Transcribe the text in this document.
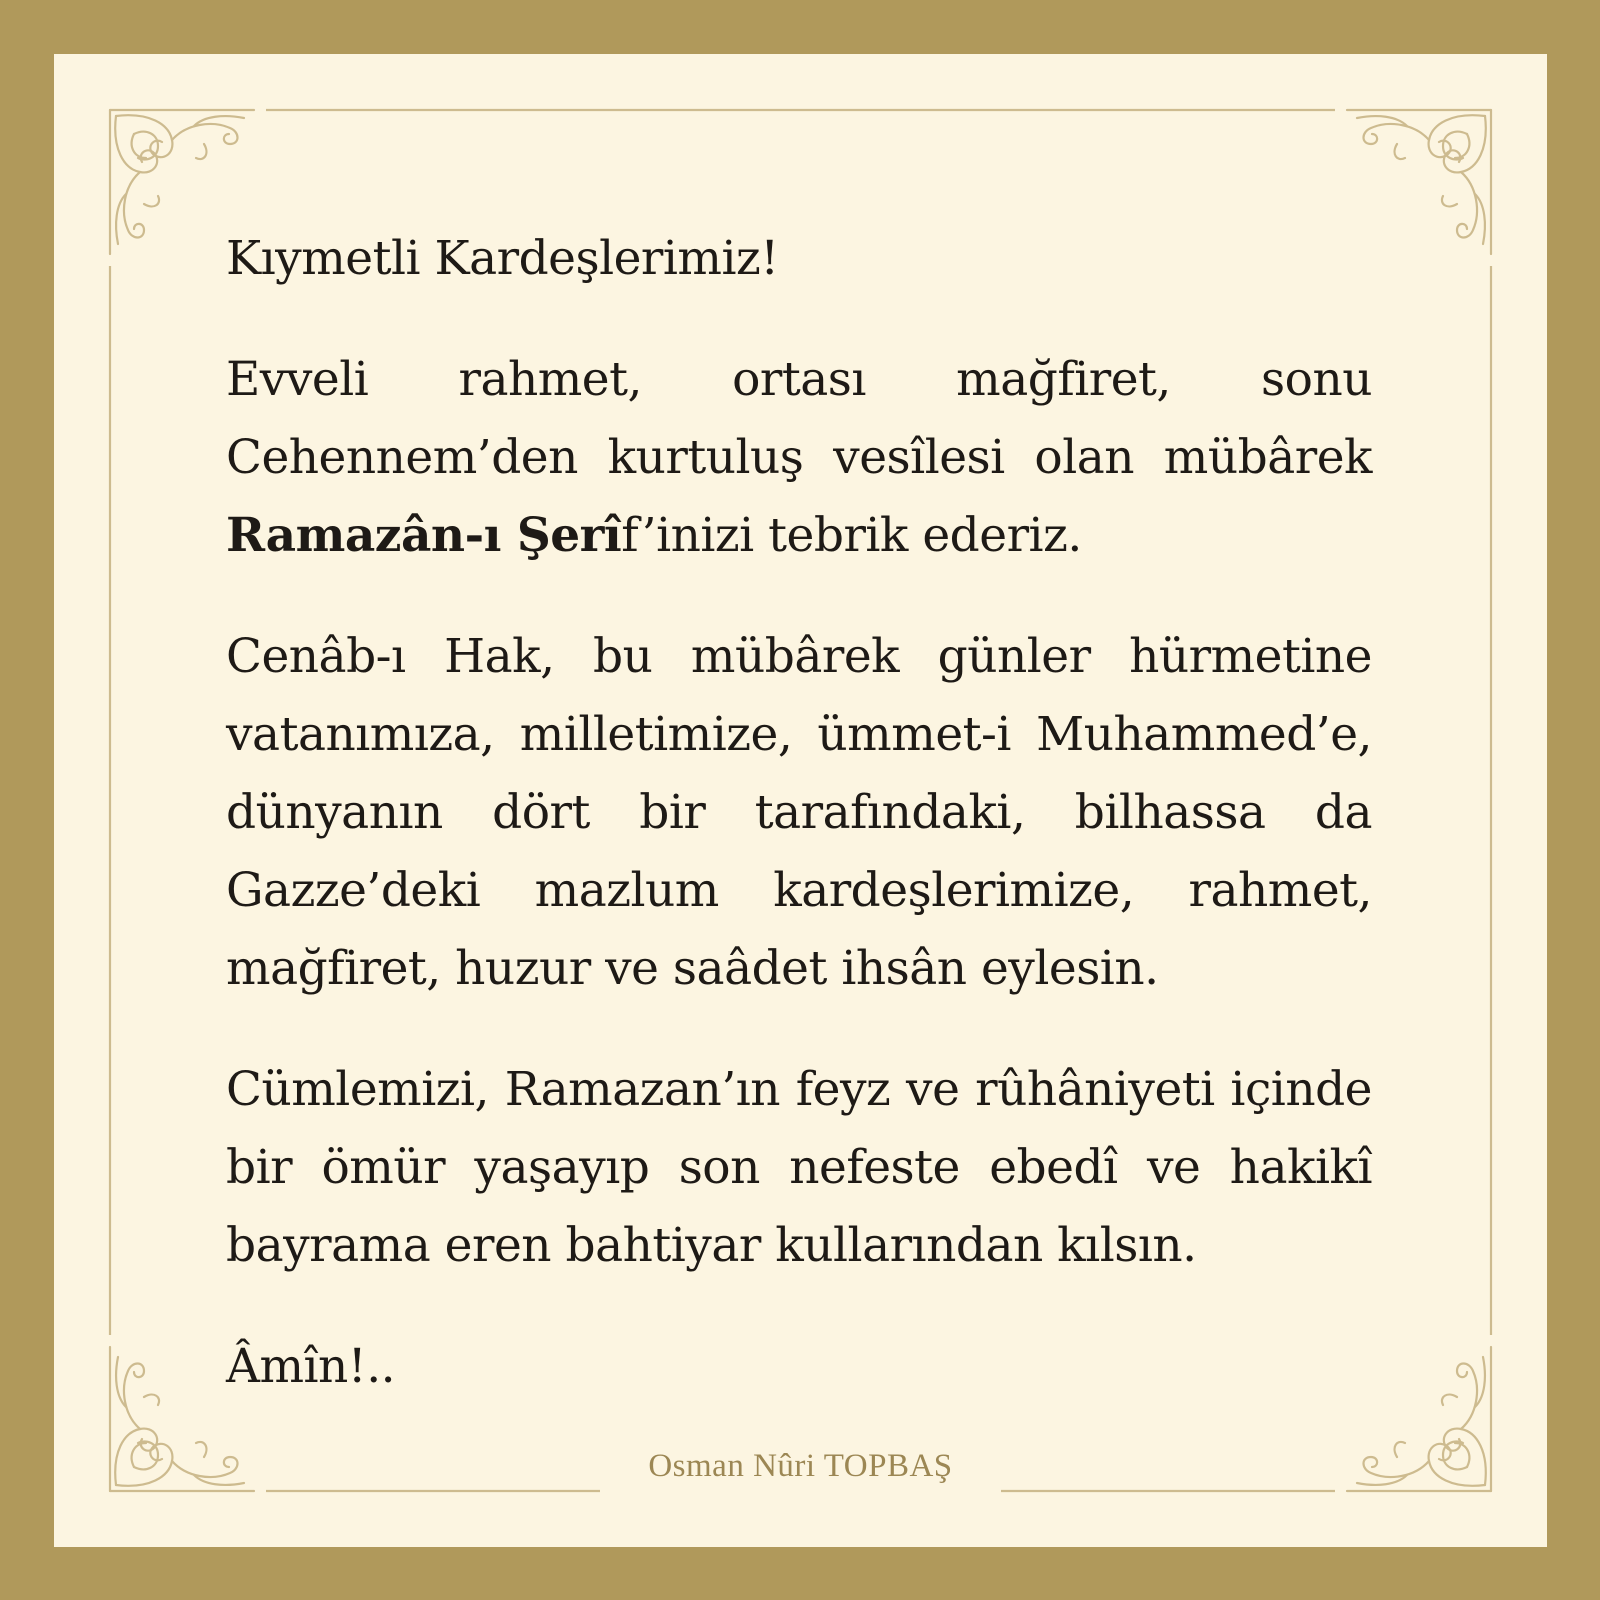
Kıymetli Kardeşlerimiz!

Evveli rahmet, ortası mağfiret, sonu Cehennem’den kurtuluş vesîlesi olan mübârek Ramazân-ı Şerîf’inizi tebrik ederiz.

Cenâb-ı Hak, bu mübârek günler hürmetine vatanımıza, milletimize, ümmet-i Muhammed’e, dünyanın dört bir tarafındaki, bilhassa da Gazze’deki mazlum kardeşlerimize, rahmet, mağfiret, huzur ve saâdet ihsân eylesin.

Cümlemizi, Ramazan’ın feyz ve rûhâniyeti içinde bir ömür yaşayıp son nefeste ebedî ve hakikî bayrama eren bahtiyar kullarından kılsın.

Âmîn!..

Osman Nûri TOPBAŞ
